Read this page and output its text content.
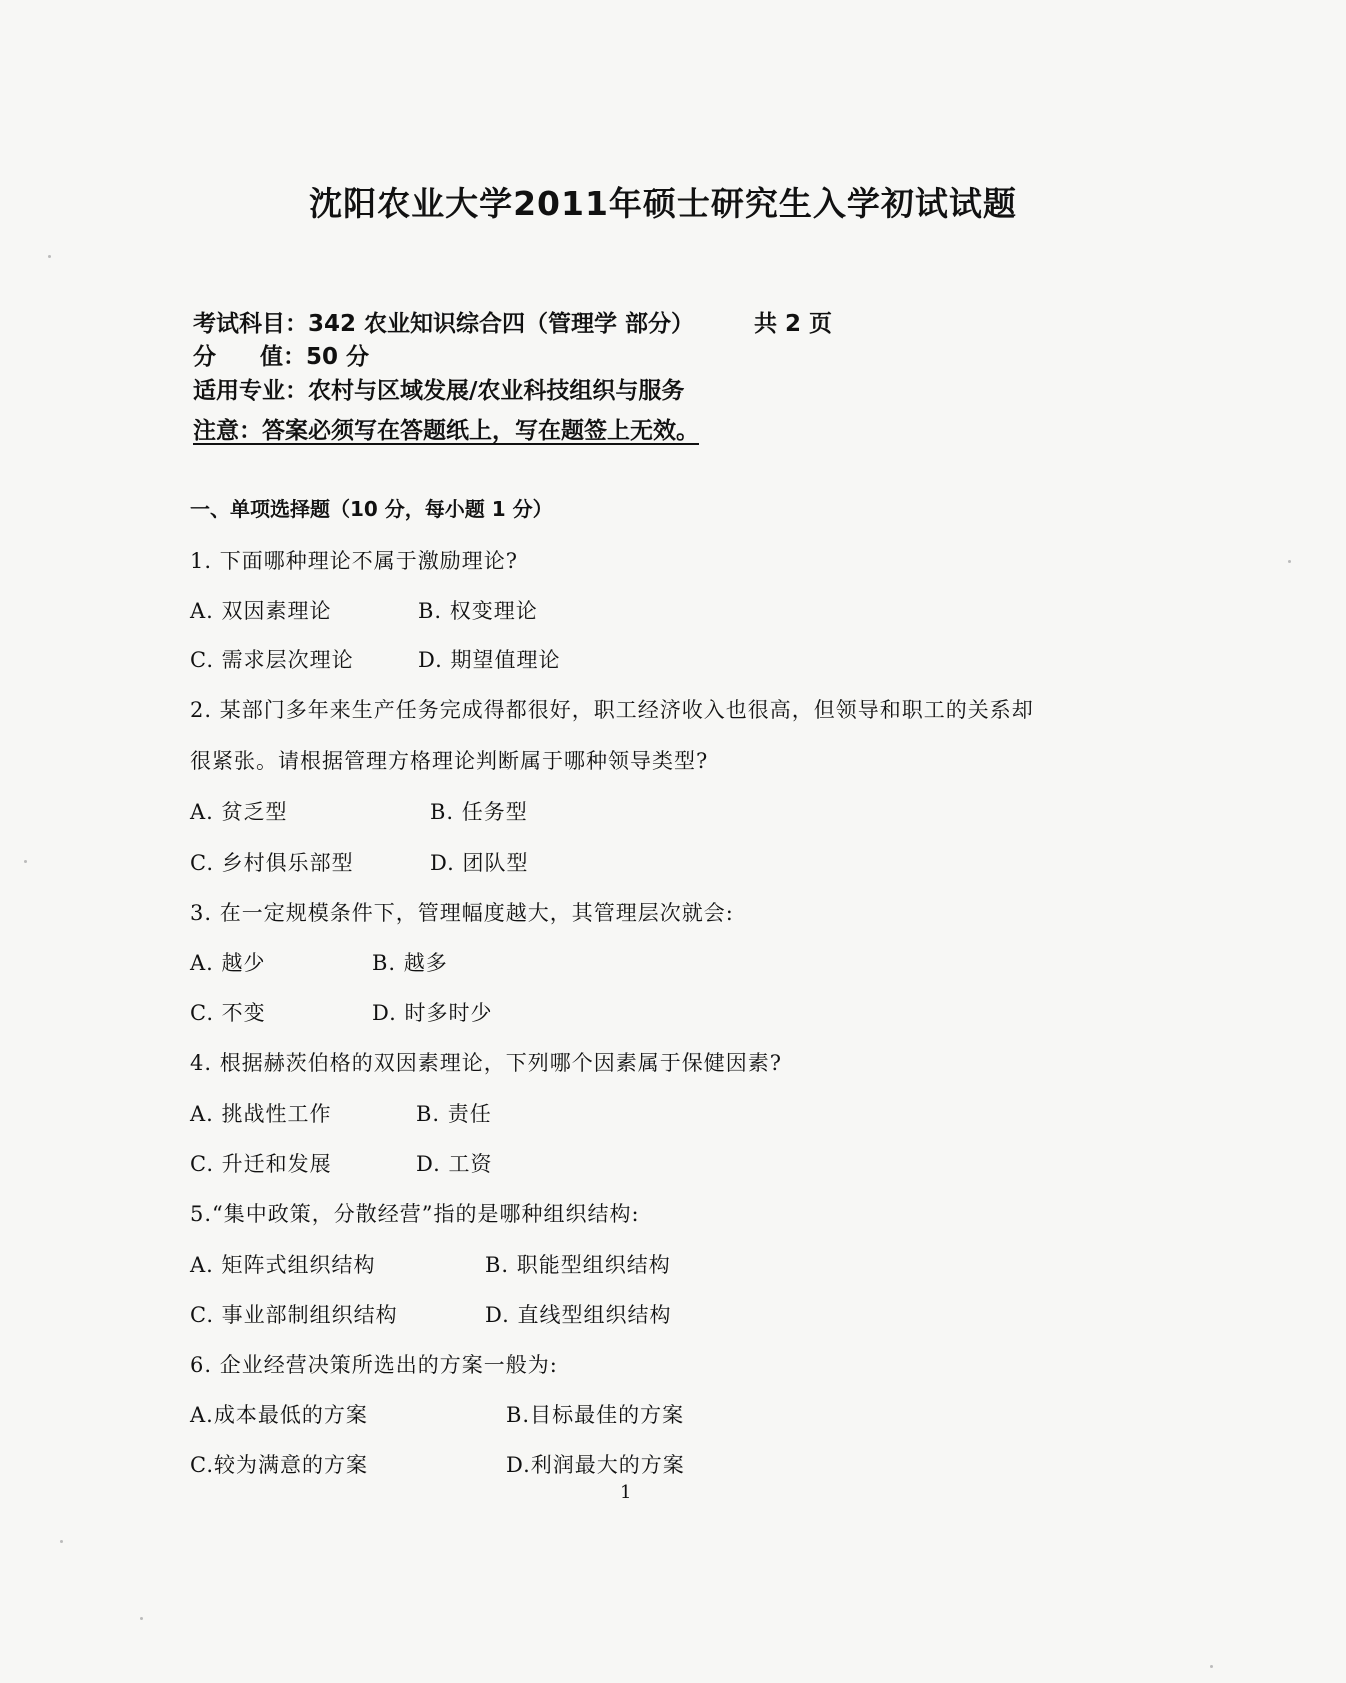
沈阳农业大学2011年硕士研究生入学初试试题
考试科目：342 农业知识综合四（管理学 部分）	共 2 页
分 值：50 分
适用专业：农村与区域发展/农业科技组织与服务
注意：答案必须写在答题纸上，写在题签上无效。
一、单项选择题（10 分，每小题 1 分）
1. 下面哪种理论不属于激励理论?
A. 双因素理论	B. 权变理论
C. 需求层次理论	D. 期望值理论
2. 某部门多年来生产任务完成得都很好，职工经济收入也很高，但领导和职工的关系却
很紧张。请根据管理方格理论判断属于哪种领导类型?
A. 贫乏型	B. 任务型
C. 乡村俱乐部型	D. 团队型
3. 在一定规模条件下，管理幅度越大，其管理层次就会:
A. 越少	B. 越多
C. 不变	D. 时多时少
4. 根据赫茨伯格的双因素理论，下列哪个因素属于保健因素?
A. 挑战性工作	B. 责任
C. 升迁和发展	D. 工资
5.“集中政策，分散经营”指的是哪种组织结构:
A. 矩阵式组织结构	B. 职能型组织结构
C. 事业部制组织结构	D. 直线型组织结构
6. 企业经营决策所选出的方案一般为:
A.成本最低的方案	B.目标最佳的方案
C.较为满意的方案	D.利润最大的方案
1
